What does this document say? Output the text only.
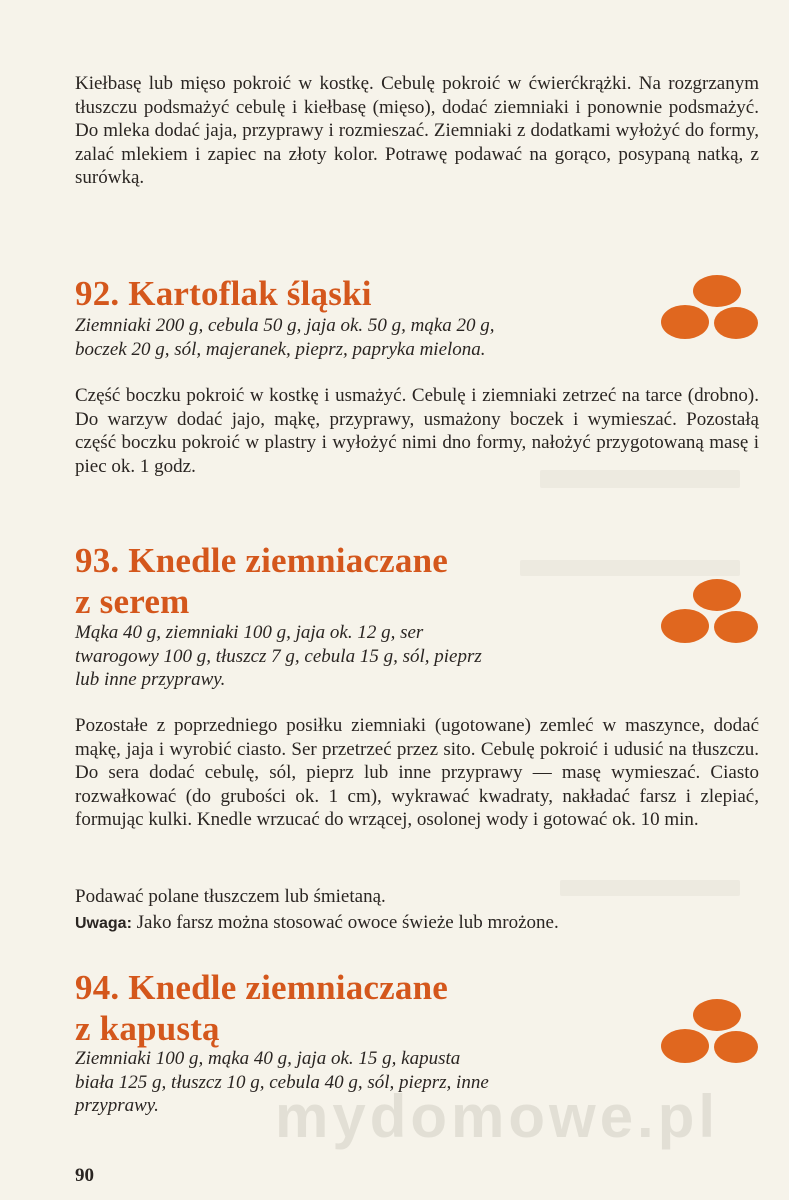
Kiełbasę lub mięso pokroić w kostkę. Cebulę pokroić w ćwierćkrążki. Na rozgrzanym tłuszczu podsmażyć cebulę i kiełbasę (mięso), dodać ziemniaki i ponownie podsmażyć. Do mleka dodać jaja, przyprawy i rozmieszać. Ziemniaki z dodatkami wyłożyć do formy, zalać mlekiem i zapiec na złoty kolor. Potrawę podawać na gorąco, posypaną natką, z surówką.
92. Kartoflak śląski
Ziemniaki 200 g, cebula 50 g, jaja ok. 50 g, mąka 20 g, boczek 20 g, sól, majeranek, pieprz, papryka mielona.
Część boczku pokroić w kostkę i usmażyć. Cebulę i ziemniaki zetrzeć na tarce (drobno). Do warzyw dodać jajo, mąkę, przyprawy, usmażony boczek i wymieszać. Pozostałą część boczku pokroić w plastry i wyłożyć nimi dno formy, nałożyć przygotowaną masę i piec ok. 1 godz.
93. Knedle ziemniaczane
z serem
Mąka 40 g, ziemniaki 100 g, jaja ok. 12 g, ser twarogowy 100 g, tłuszcz 7 g, cebula 15 g, sól, pieprz lub inne przyprawy.
Pozostałe z poprzedniego posiłku ziemniaki (ugotowane) zemleć w maszynce, dodać mąkę, jaja i wyrobić ciasto. Ser przetrzeć przez sito. Cebulę pokroić i udusić na tłuszczu. Do sera dodać cebulę, sól, pieprz lub inne przyprawy — masę wymieszać. Ciasto rozwałkować (do grubości ok. 1 cm), wykrawać kwadraty, nakładać farsz i zlepiać, formując kulki. Knedle wrzucać do wrzącej, osolonej wody i gotować ok. 10 min.
Podawać polane tłuszczem lub śmietaną.
Uwaga: Jako farsz można stosować owoce świeże lub mrożone.
94. Knedle ziemniaczane
z kapustą
Ziemniaki 100 g, mąka 40 g, jaja ok. 15 g, kapusta biała 125 g, tłuszcz 10 g, cebula 40 g, sól, pieprz, inne przyprawy.	mydomowe.pl
90
